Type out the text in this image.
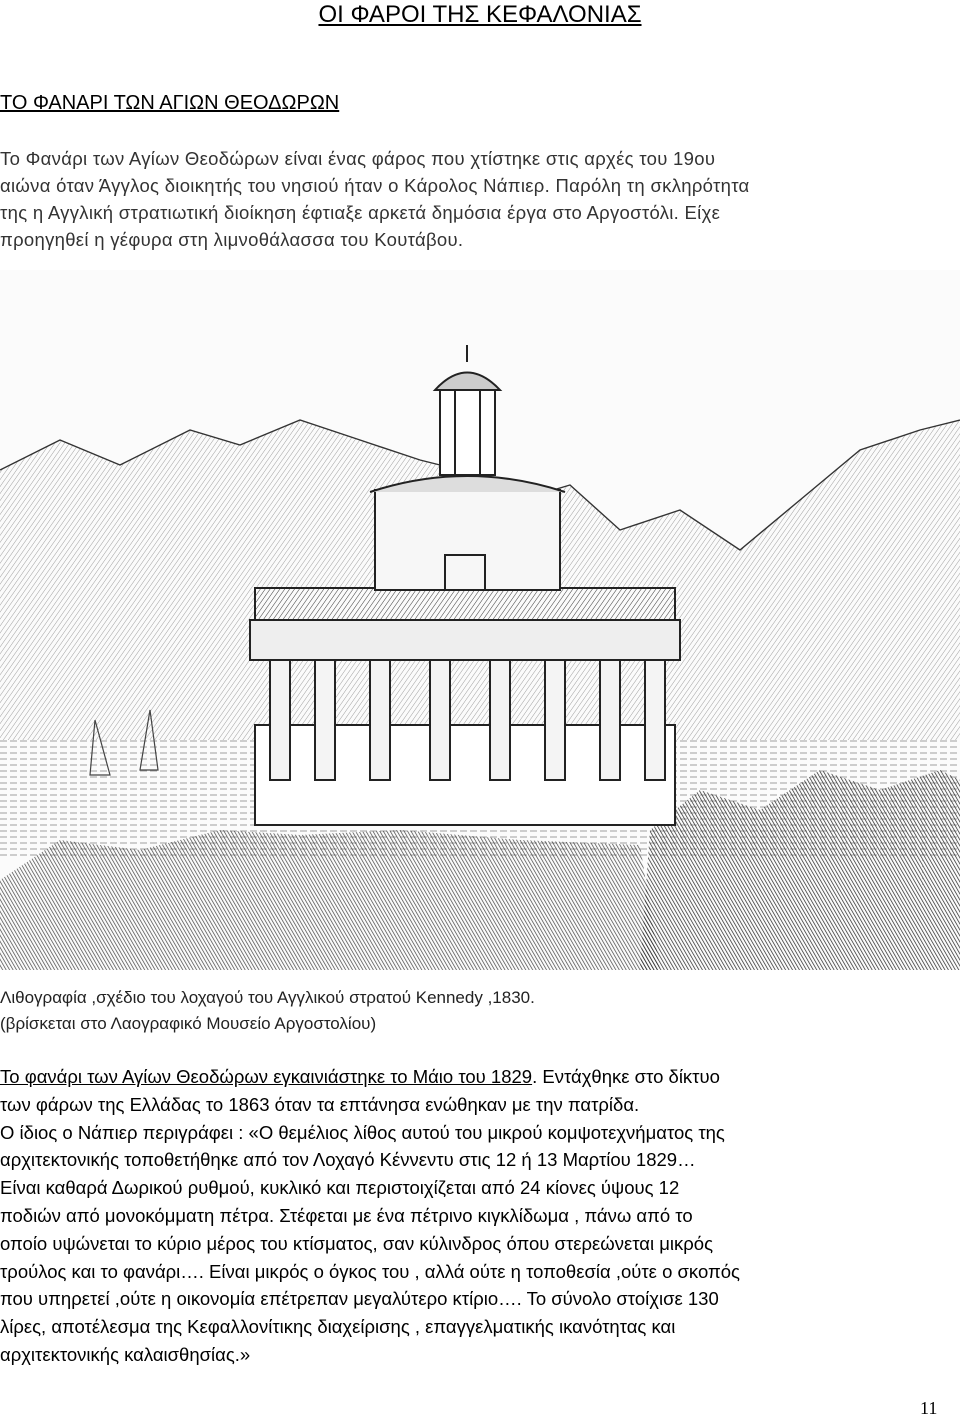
ΟΙ ΦΑΡΟΙ ΤΗΣ ΚΕΦΑΛΟΝΙΑΣ
ΤΟ ΦΑΝΑΡΙ ΤΩΝ ΑΓΙΩΝ ΘΕΟΔΩΡΩΝ
Το Φανάρι των Αγίων Θεοδώρων είναι ένας φάρος που χτίστηκε στις αρχές του 19ου
αιώνα όταν Άγγλος διοικητής του νησιού ήταν ο Κάρολος Νάπιερ. Παρόλη τη σκληρότητα
της η Αγγλική στρατιωτική διοίκηση έφτιαξε αρκετά δημόσια έργα στο Αργοστόλι. Είχε
προηγηθεί η γέφυρα στη λιμνοθάλασσα του Κουτάβου.
Λιθογραφία ,σχέδιο του λοχαγού του Αγγλικού στρατού Kennedy ,1830.
(βρίσκεται στο Λαογραφικό Μουσείο Αργοστολίου)
Το φανάρι των Αγίων Θεοδώρων εγκαινιάστηκε το Μάιο του 1829. Εντάχθηκε στο δίκτυο
των φάρων της Ελλάδας το 1863 όταν τα επτάνησα ενώθηκαν με την πατρίδα.
Ο ίδιος ο Νάπιερ περιγράφει : «Ο θεμέλιος λίθος αυτού του μικρού κομψοτεχνήματος της
αρχιτεκτονικής τοποθετήθηκε από τον Λοχαγό Κέννεντυ στις 12 ή 13 Μαρτίου 1829…
Είναι καθαρά Δωρικού ρυθμού, κυκλικό και περιστοιχίζεται από 24 κίονες ύψους 12
ποδιών από μονοκόμματη πέτρα. Στέφεται με ένα πέτρινο κιγκλίδωμα , πάνω από το
οποίο υψώνεται το κύριο μέρος του κτίσματος, σαν κύλινδρος όπου στερεώνεται μικρός
τρούλος και το φανάρι…. Είναι μικρός ο όγκος του , αλλά ούτε η τοποθεσία ,ούτε ο σκοπός
που υπηρετεί ,ούτε η οικονομία επέτρεπαν μεγαλύτερο κτίριο…. Το σύνολο στοίχισε 130
λίρες, αποτέλεσμα της Κεφαλλονίτικης διαχείρισης , επαγγελματικής ικανότητας και
αρχιτεκτονικής καλαισθησίας.»
11
